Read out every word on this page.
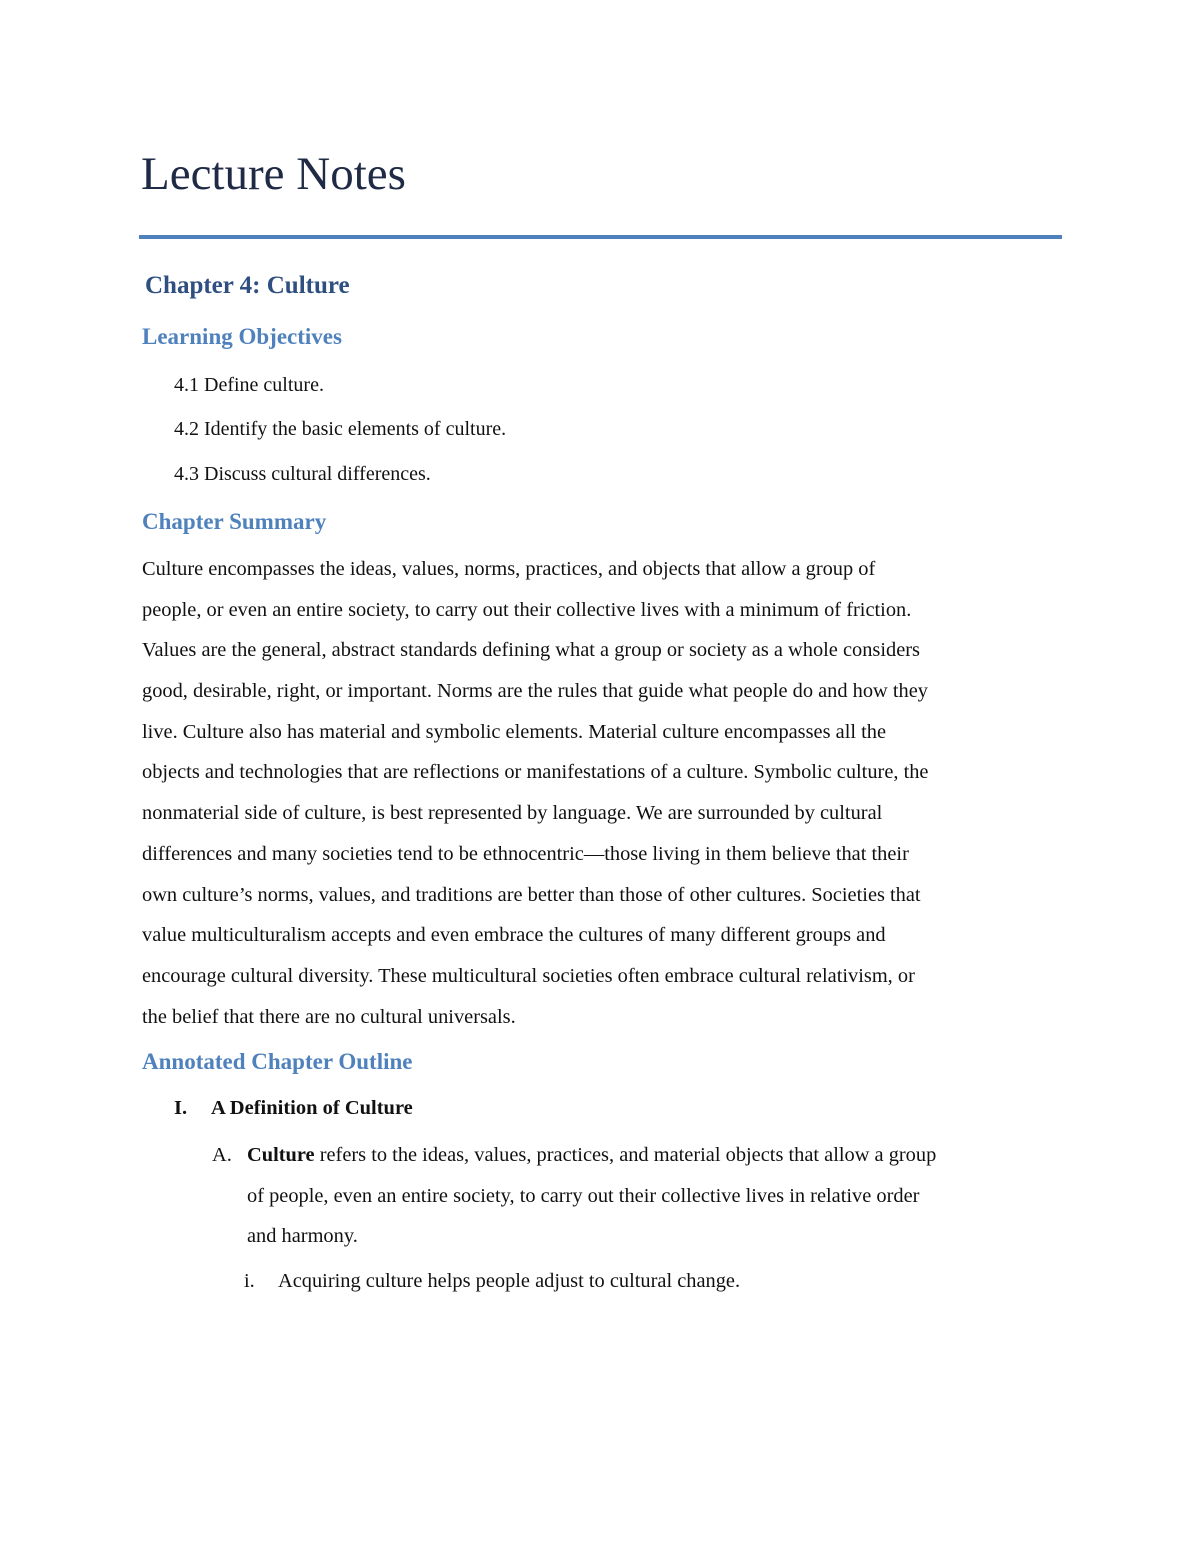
Lecture Notes
Chapter 4: Culture
Learning Objectives
4.1 Define culture.
4.2 Identify the basic elements of culture.
4.3 Discuss cultural differences.
Chapter Summary
Culture encompasses the ideas, values, norms, practices, and objects that allow a group of
people, or even an entire society, to carry out their collective lives with a minimum of friction.
Values are the general, abstract standards defining what a group or society as a whole considers
good, desirable, right, or important. Norms are the rules that guide what people do and how they
live. Culture also has material and symbolic elements. Material culture encompasses all the
objects and technologies that are reflections or manifestations of a culture. Symbolic culture, the
nonmaterial side of culture, is best represented by language. We are surrounded by cultural
differences and many societies tend to be ethnocentric—those living in them believe that their
own culture’s norms, values, and traditions are better than those of other cultures. Societies that
value multiculturalism accepts and even embrace the cultures of many different groups and
encourage cultural diversity. These multicultural societies often embrace cultural relativism, or
the belief that there are no cultural universals.
Annotated Chapter Outline
I. A Definition of Culture
A. Culture refers to the ideas, values, practices, and material objects that allow a group
of people, even an entire society, to carry out their collective lives in relative order
and harmony.
i. Acquiring culture helps people adjust to cultural change.
